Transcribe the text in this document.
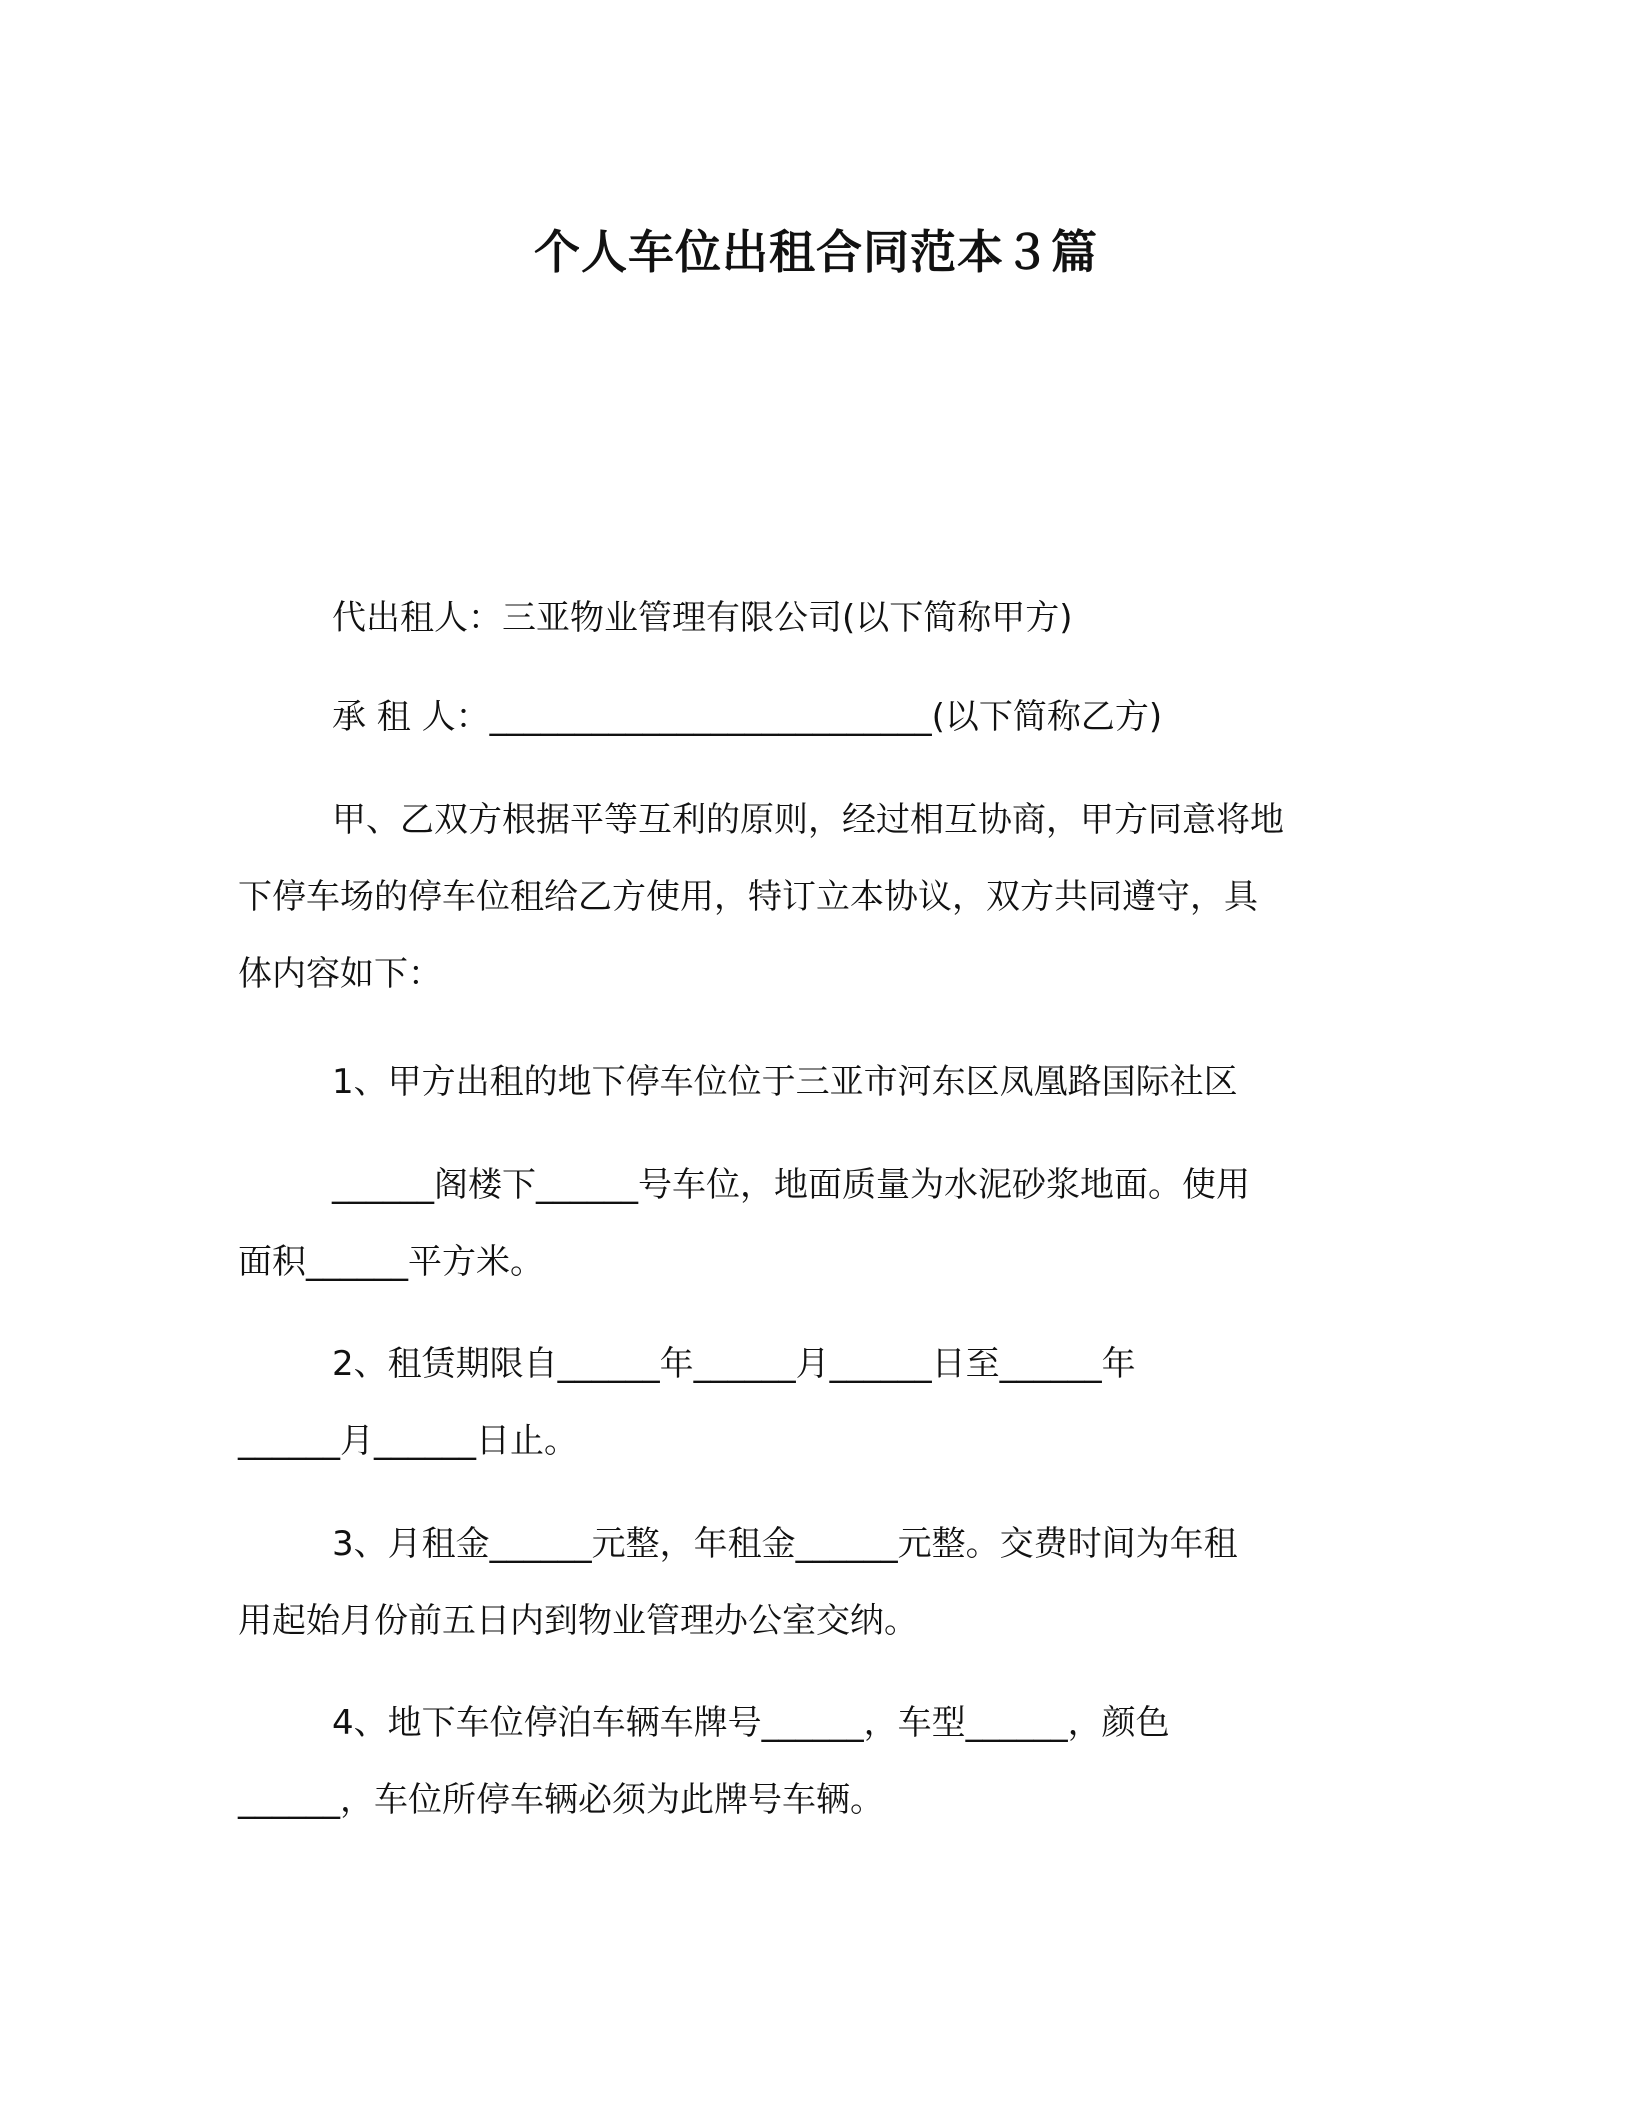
个人车位出租合同范本３篇
代出租人：三亚物业管理有限公司(以下简称甲方)
承 租 人：__________________________(以下简称乙方)
甲、乙双方根据平等互利的原则，经过相互协商，甲方同意将地
下停车场的停车位租给乙方使用，特订立本协议，双方共同遵守，具
体内容如下：
1、甲方出租的地下停车位位于三亚市河东区凤凰路国际社区
______阁楼下______号车位，地面质量为水泥砂浆地面。使用
面积______平方米。
2、租赁期限自______年______月______日至______年
______月______日止。
3、月租金______元整，年租金______元整。交费时间为年租
用起始月份前五日内到物业管理办公室交纳。
4、地下车位停泊车辆车牌号______，车型______，颜色
______，车位所停车辆必须为此牌号车辆。
